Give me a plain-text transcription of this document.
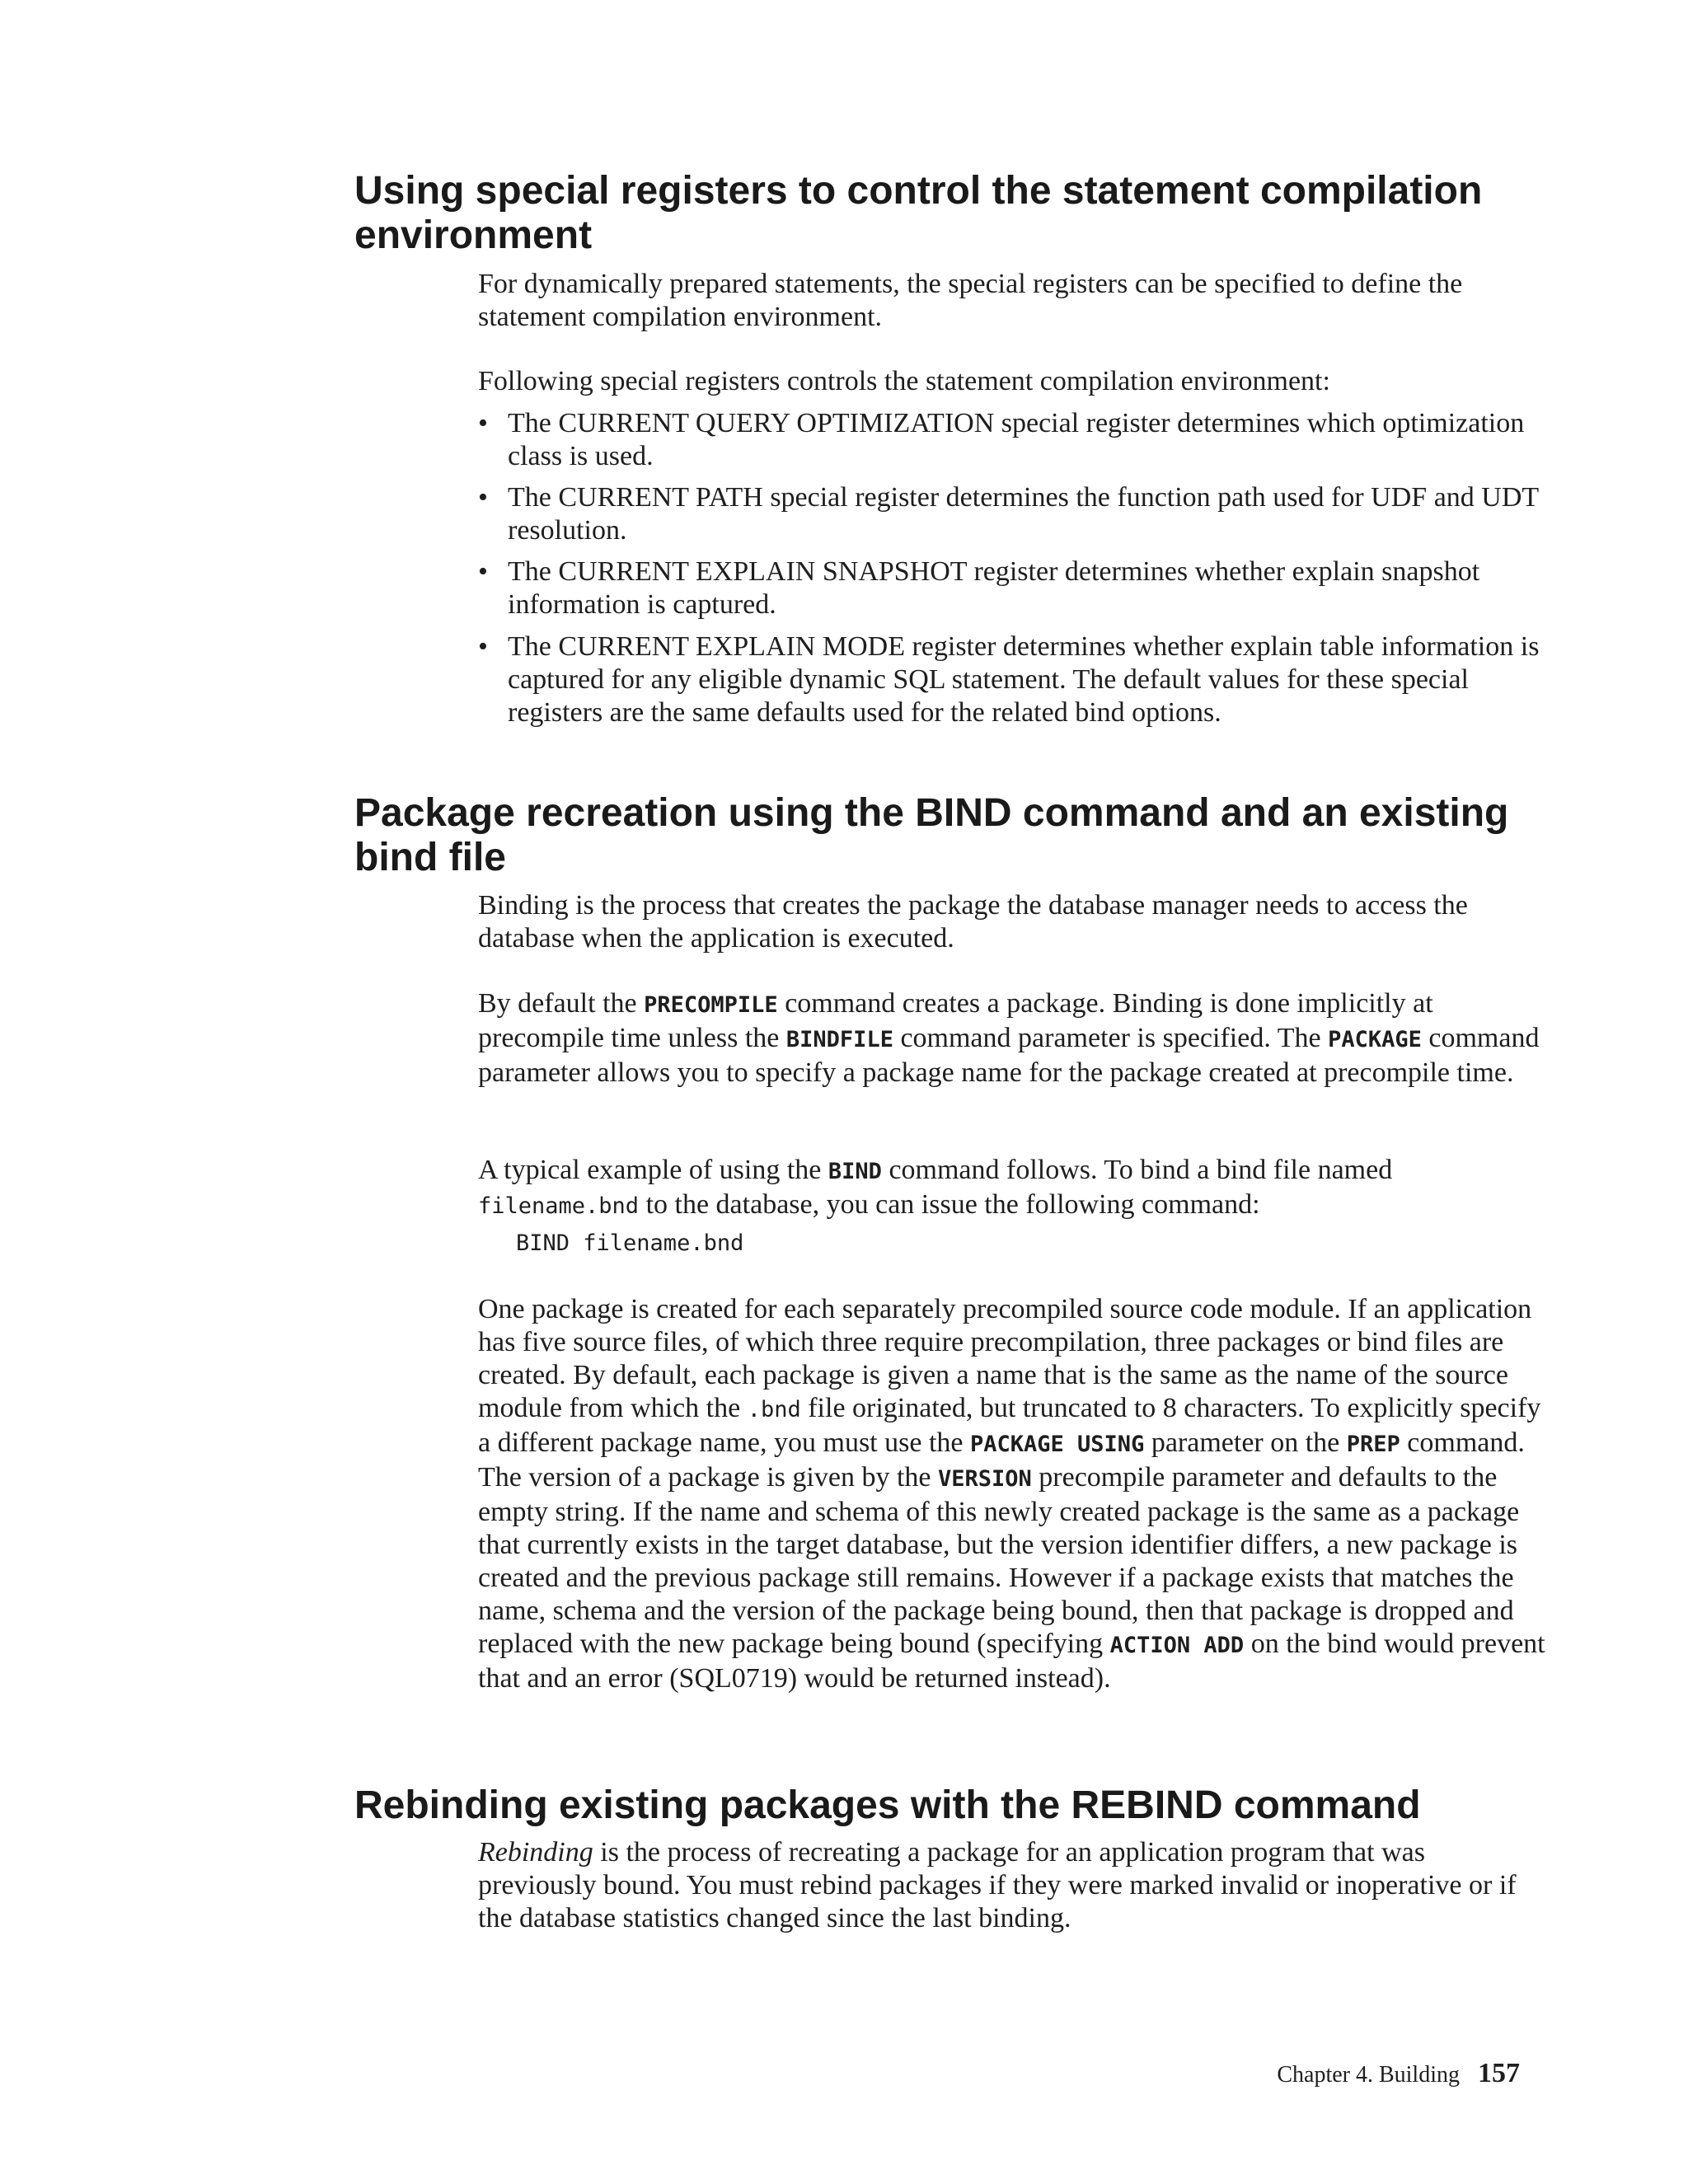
Using special registers to control the statement compilation environment

For dynamically prepared statements, the special registers can be specified to define the statement compilation environment.

Following special registers controls the statement compilation environment:

• The CURRENT QUERY OPTIMIZATION special register determines which optimization class is used.

• The CURRENT PATH special register determines the function path used for UDF and UDT resolution.

• The CURRENT EXPLAIN SNAPSHOT register determines whether explain snapshot information is captured.

• The CURRENT EXPLAIN MODE register determines whether explain table information is captured for any eligible dynamic SQL statement. The default values for these special registers are the same defaults used for the related bind options.

Package recreation using the BIND command and an existing bind file

Binding is the process that creates the package the database manager needs to access the database when the application is executed.

By default the PRECOMPILE command creates a package. Binding is done implicitly at precompile time unless the BINDFILE command parameter is specified. The PACKAGE command parameter allows you to specify a package name for the package created at precompile time.

A typical example of using the BIND command follows. To bind a bind file named filename.bnd to the database, you can issue the following command:

BIND filename.bnd

One package is created for each separately precompiled source code module. If an application has five source files, of which three require precompilation, three packages or bind files are created. By default, each package is given a name that is the same as the name of the source module from which the .bnd file originated, but truncated to 8 characters. To explicitly specify a different package name, you must use the PACKAGE USING parameter on the PREP command. The version of a package is given by the VERSION precompile parameter and defaults to the empty string. If the name and schema of this newly created package is the same as a package that currently exists in the target database, but the version identifier differs, a new package is created and the previous package still remains. However if a package exists that matches the name, schema and the version of the package being bound, then that package is dropped and replaced with the new package being bound (specifying ACTION ADD on the bind would prevent that and an error (SQL0719) would be returned instead).

Rebinding existing packages with the REBIND command

Rebinding is the process of recreating a package for an application program that was previously bound. You must rebind packages if they were marked invalid or inoperative or if the database statistics changed since the last binding.

Chapter 4. Building 157
